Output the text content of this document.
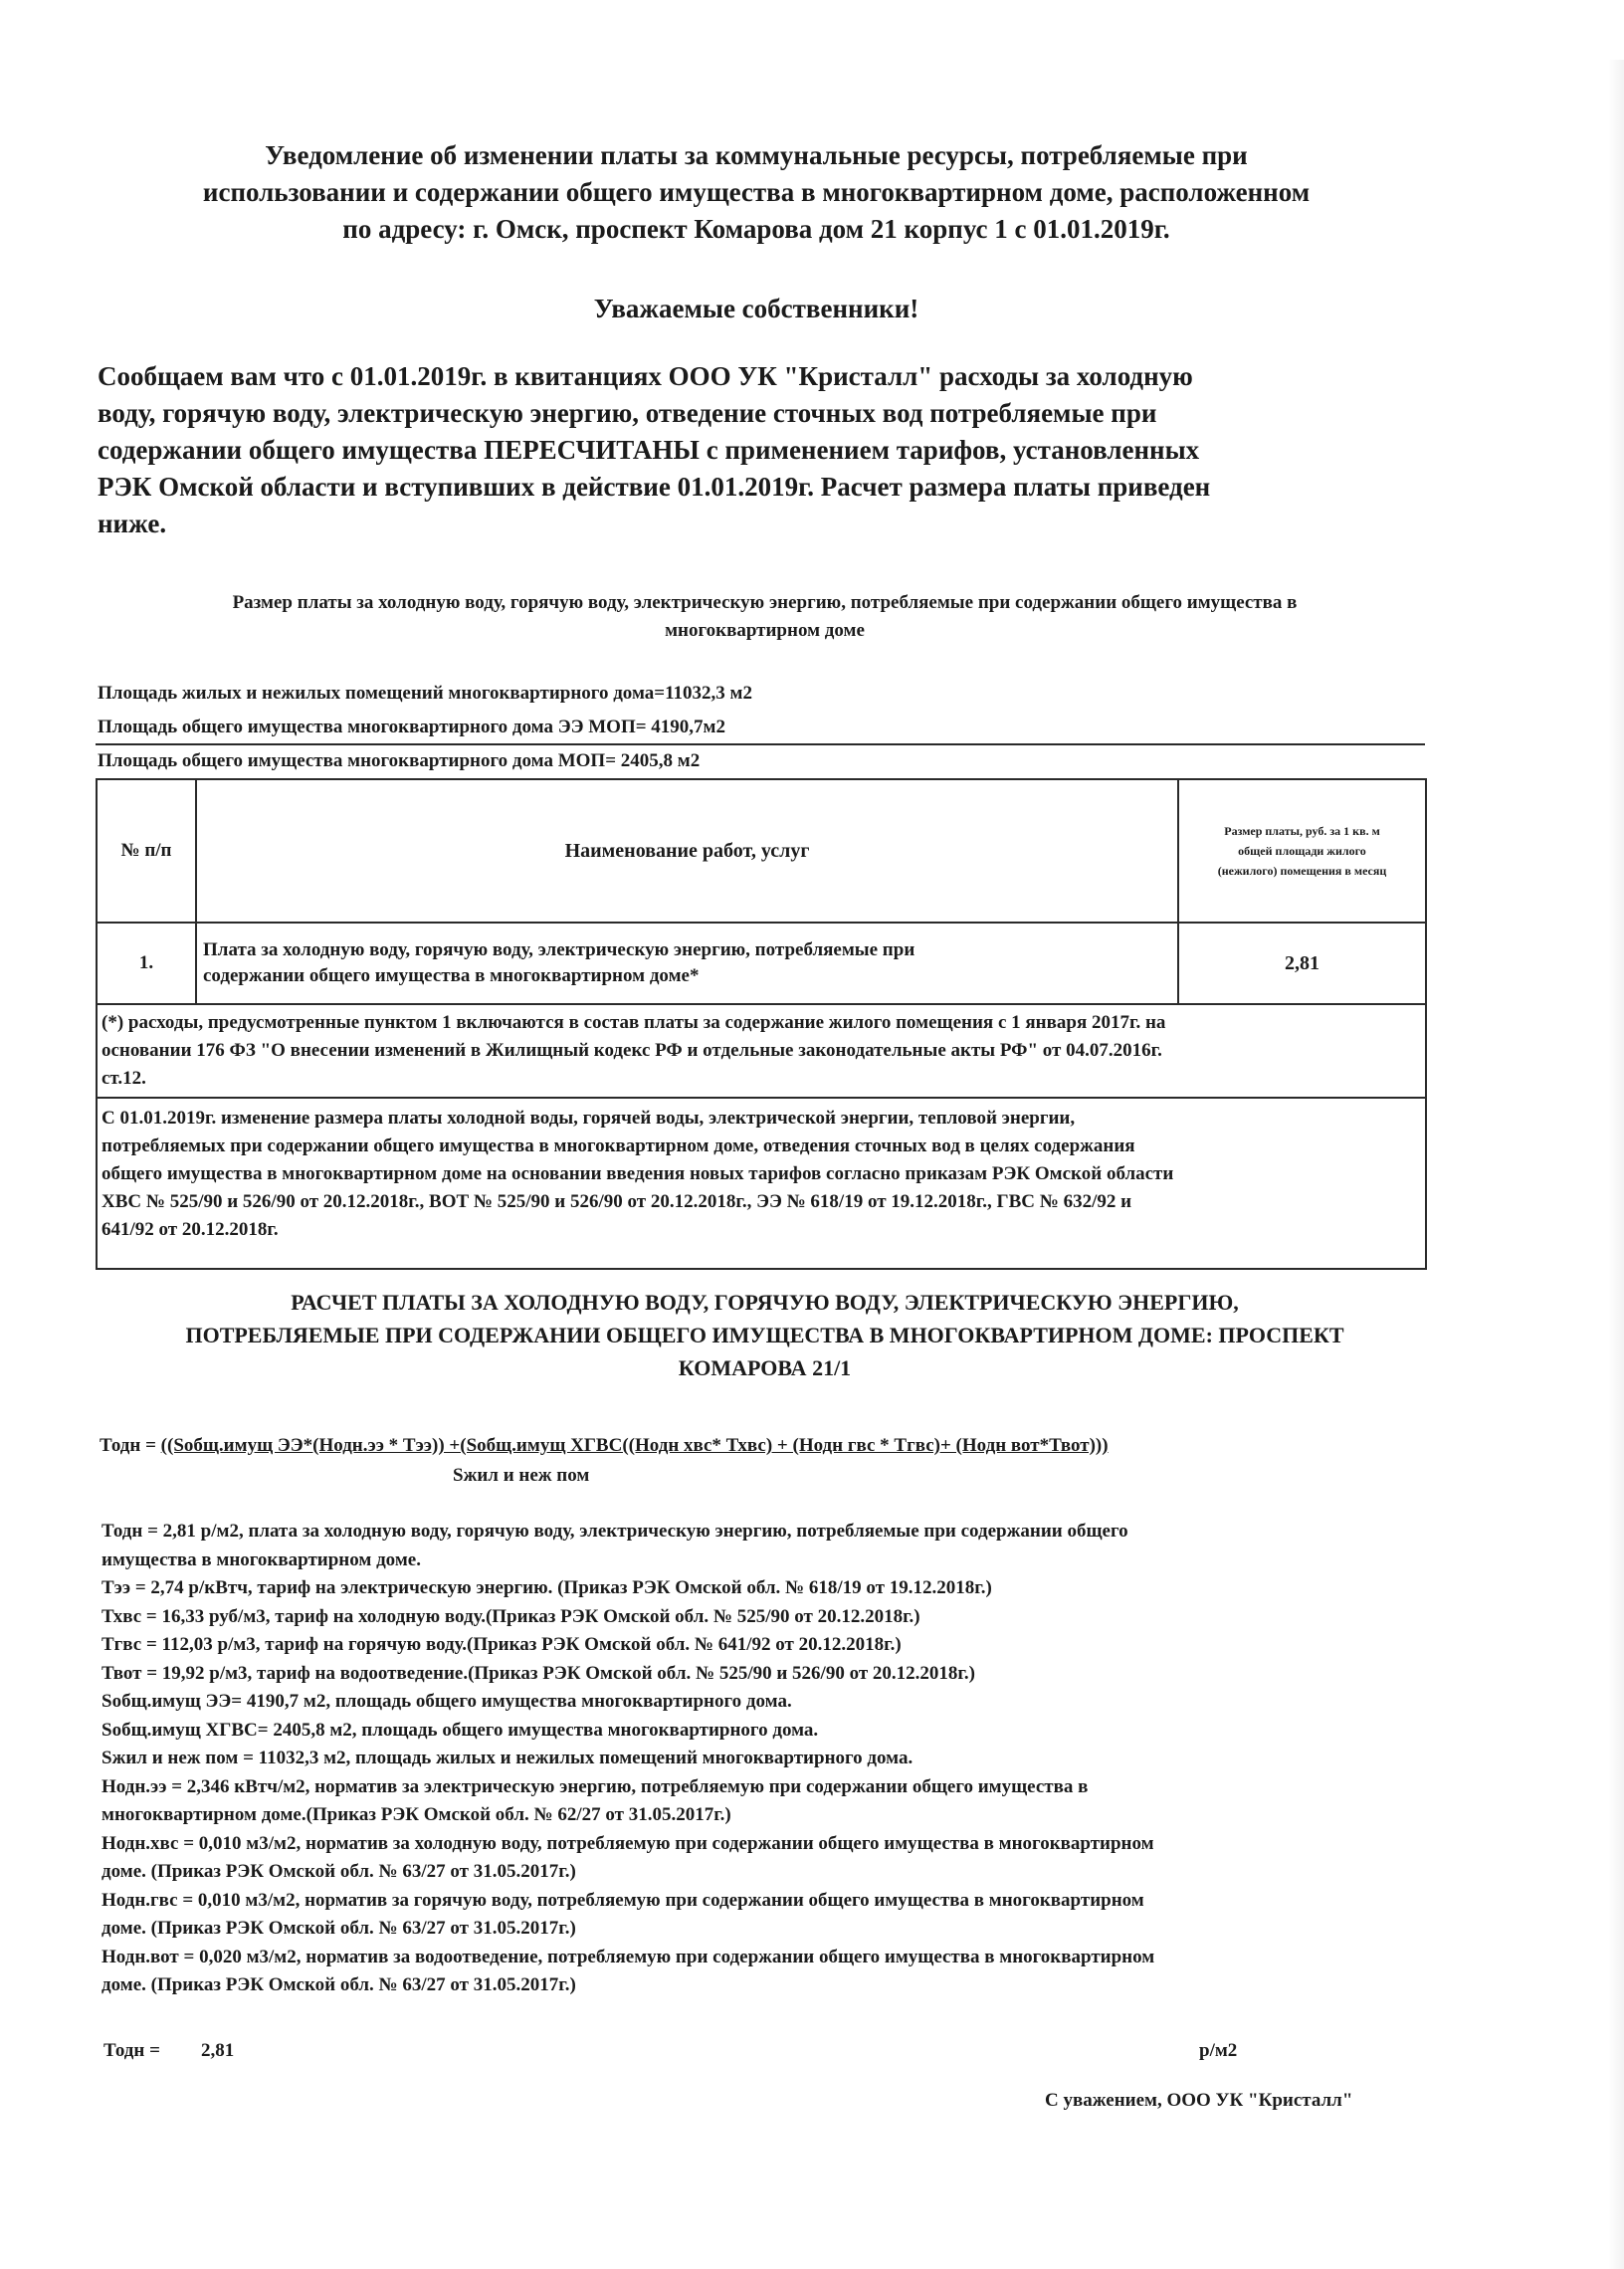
Уведомление об изменении платы за коммунальные ресурсы, потребляемые при
использовании и содержании общего имущества в многоквартирном доме, расположенном
по адресу: г. Омск, проспект Комарова дом 21 корпус 1 с 01.01.2019г.
Уважаемые собственники!
Сообщаем вам что с 01.01.2019г. в квитанциях ООО УК "Кристалл" расходы за холодную
воду, горячую воду, электрическую энергию, отведение сточных вод потребляемые при
содержании общего имущества ПЕРЕСЧИТАНЫ с применением тарифов, установленных
РЭК Омской области и вступивших в действие 01.01.2019г. Расчет размера платы приведен
ниже.
Размер платы за холодную воду, горячую воду, электрическую энергию, потребляемые при содержании общего имущества в
многоквартирном доме
Площадь жилых и нежилых помещений многоквартирного дома=11032,3 м2
Площадь общего имущества многоквартирного дома ЭЭ МОП= 4190,7м2
Площадь общего имущества многоквартирного дома МОП= 2405,8 м2
№ п/п	Наименование работ, услуг	Размер платы, руб. за 1 кв. м
общей площади жилого
(нежилого) помещения в месяц

1.	Плата за холодную воду, горячую воду, электрическую энергию, потребляемые при
содержании общего имущества в многоквартирном доме*	2,81

(*) расходы, предусмотренные пунктом 1 включаются в состав платы за содержание жилого помещения с 1 января 2017г. на
основании 176 ФЗ "О внесении изменений в Жилищный кодекс РФ и отдельные законодательные акты РФ" от 04.07.2016г.
ст.12.		

С 01.01.2019г. изменение размера платы холодной воды, горячей воды, электрической энергии, тепловой энергии,
потребляемых при содержании общего имущества в многоквартирном доме, отведения сточных вод в целях содержания
общего имущества в многоквартирном доме на основании введения новых тарифов согласно приказам РЭК Омской области
ХВС № 525/90 и 526/90 от 20.12.2018г., ВОТ № 525/90 и 526/90 от 20.12.2018г., ЭЭ № 618/19 от 19.12.2018г., ГВС № 632/92 и
641/92 от 20.12.2018г.		
РАСЧЕТ ПЛАТЫ ЗА ХОЛОДНУЮ ВОДУ, ГОРЯЧУЮ ВОДУ, ЭЛЕКТРИЧЕСКУЮ ЭНЕРГИЮ,
ПОТРЕБЛЯЕМЫЕ ПРИ СОДЕРЖАНИИ ОБЩЕГО ИМУЩЕСТВА В МНОГОКВАРТИРНОМ ДОМЕ: ПРОСПЕКТ
КОМАРОВА 21/1
Тодн = ((Sобщ.имущ ЭЭ*(Нодн.ээ * Тээ)) +(Sобщ.имущ ХГВС((Нодн хвс* Тхвс) + (Нодн гвс * Тгвс)+ (Нодн вот*Твот)))
Sжил и неж пом

Тодн = 2,81 р/м2, плата за холодную воду, горячую воду, электрическую энергию, потребляемые при содержании общего

имущества в многоквартирном доме.

Тээ = 2,74 р/кВтч, тариф на электрическую энергию. (Приказ РЭК Омской обл. № 618/19 от 19.12.2018г.)

Тхвс = 16,33 руб/м3, тариф на холодную воду.(Приказ РЭК Омской обл. № 525/90 от 20.12.2018г.)

Тгвс = 112,03 р/м3, тариф на горячую воду.(Приказ РЭК Омской обл. № 641/92 от 20.12.2018г.)

Твот = 19,92 р/м3, тариф на водоотведение.(Приказ РЭК Омской обл. № 525/90 и 526/90 от 20.12.2018г.)

Sобщ.имущ ЭЭ= 4190,7 м2, площадь общего имущества многоквартирного дома.

Sобщ.имущ ХГВС= 2405,8 м2, площадь общего имущества многоквартирного дома.

Sжил и неж пом = 11032,3 м2, площадь жилых и нежилых помещений многоквартирного дома.

Нодн.ээ = 2,346 кВтч/м2, норматив за электрическую энергию, потребляемую при содержании общего имущества в

многоквартирном доме.(Приказ РЭК Омской обл. № 62/27 от 31.05.2017г.)

Нодн.хвс = 0,010 м3/м2, норматив за холодную воду, потребляемую при содержании общего имущества в многоквартирном

доме. (Приказ РЭК Омской обл. № 63/27 от 31.05.2017г.)

Нодн.гвс = 0,010 м3/м2, норматив за горячую воду, потребляемую при содержании общего имущества в многоквартирном

доме. (Приказ РЭК Омской обл. № 63/27 от 31.05.2017г.)

Нодн.вот = 0,020 м3/м2, норматив за водоотведение, потребляемую при содержании общего имущества в многоквартирном

доме. (Приказ РЭК Омской обл. № 63/27 от 31.05.2017г.)

Тодн = 2,81	р/м2
С уважением, ООО УК "Кристалл"
